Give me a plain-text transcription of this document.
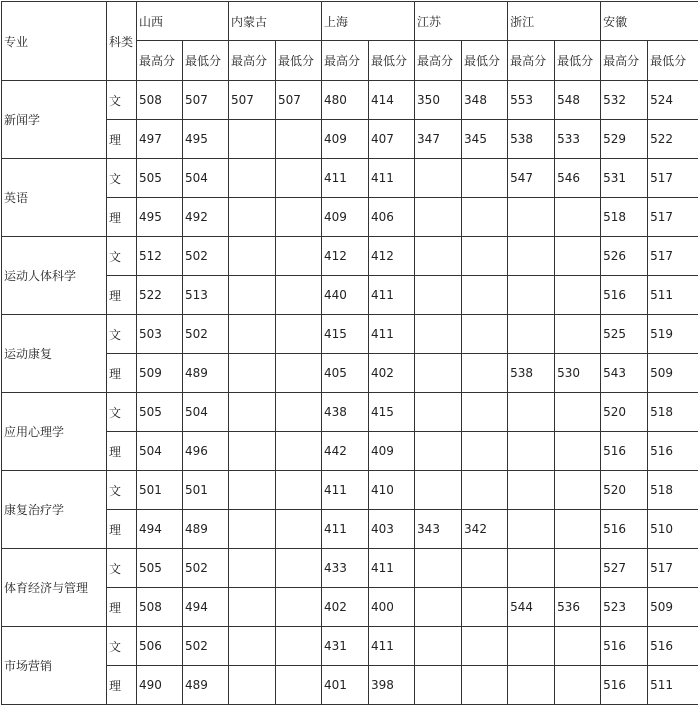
专业	科类	山西		内蒙古		上海		江苏		浙江		安徽	
		最高分	最低分	最高分	最低分	最高分	最低分	最高分	最低分	最高分	最低分	最高分	最低分
新闻学	文	508	507	507	507	480	414	350	348	553	548	532	524
	理	497	495			409	407	347	345	538	533	529	522
英语	文	505	504			411	411			547	546	531	517
	理	495	492			409	406					518	517
运动人体科学	文	512	502			412	412					526	517
	理	522	513			440	411					516	511
运动康复	文	503	502			415	411					525	519
	理	509	489			405	402			538	530	543	509
应用心理学	文	505	504			438	415					520	518
	理	504	496			442	409					516	516
康复治疗学	文	501	501			411	410					520	518
	理	494	489			411	403	343	342			516	510
体育经济与管理	文	505	502			433	411					527	517
	理	508	494			402	400			544	536	523	509
市场营销	文	506	502			431	411					516	516
	理	490	489			401	398					516	511
